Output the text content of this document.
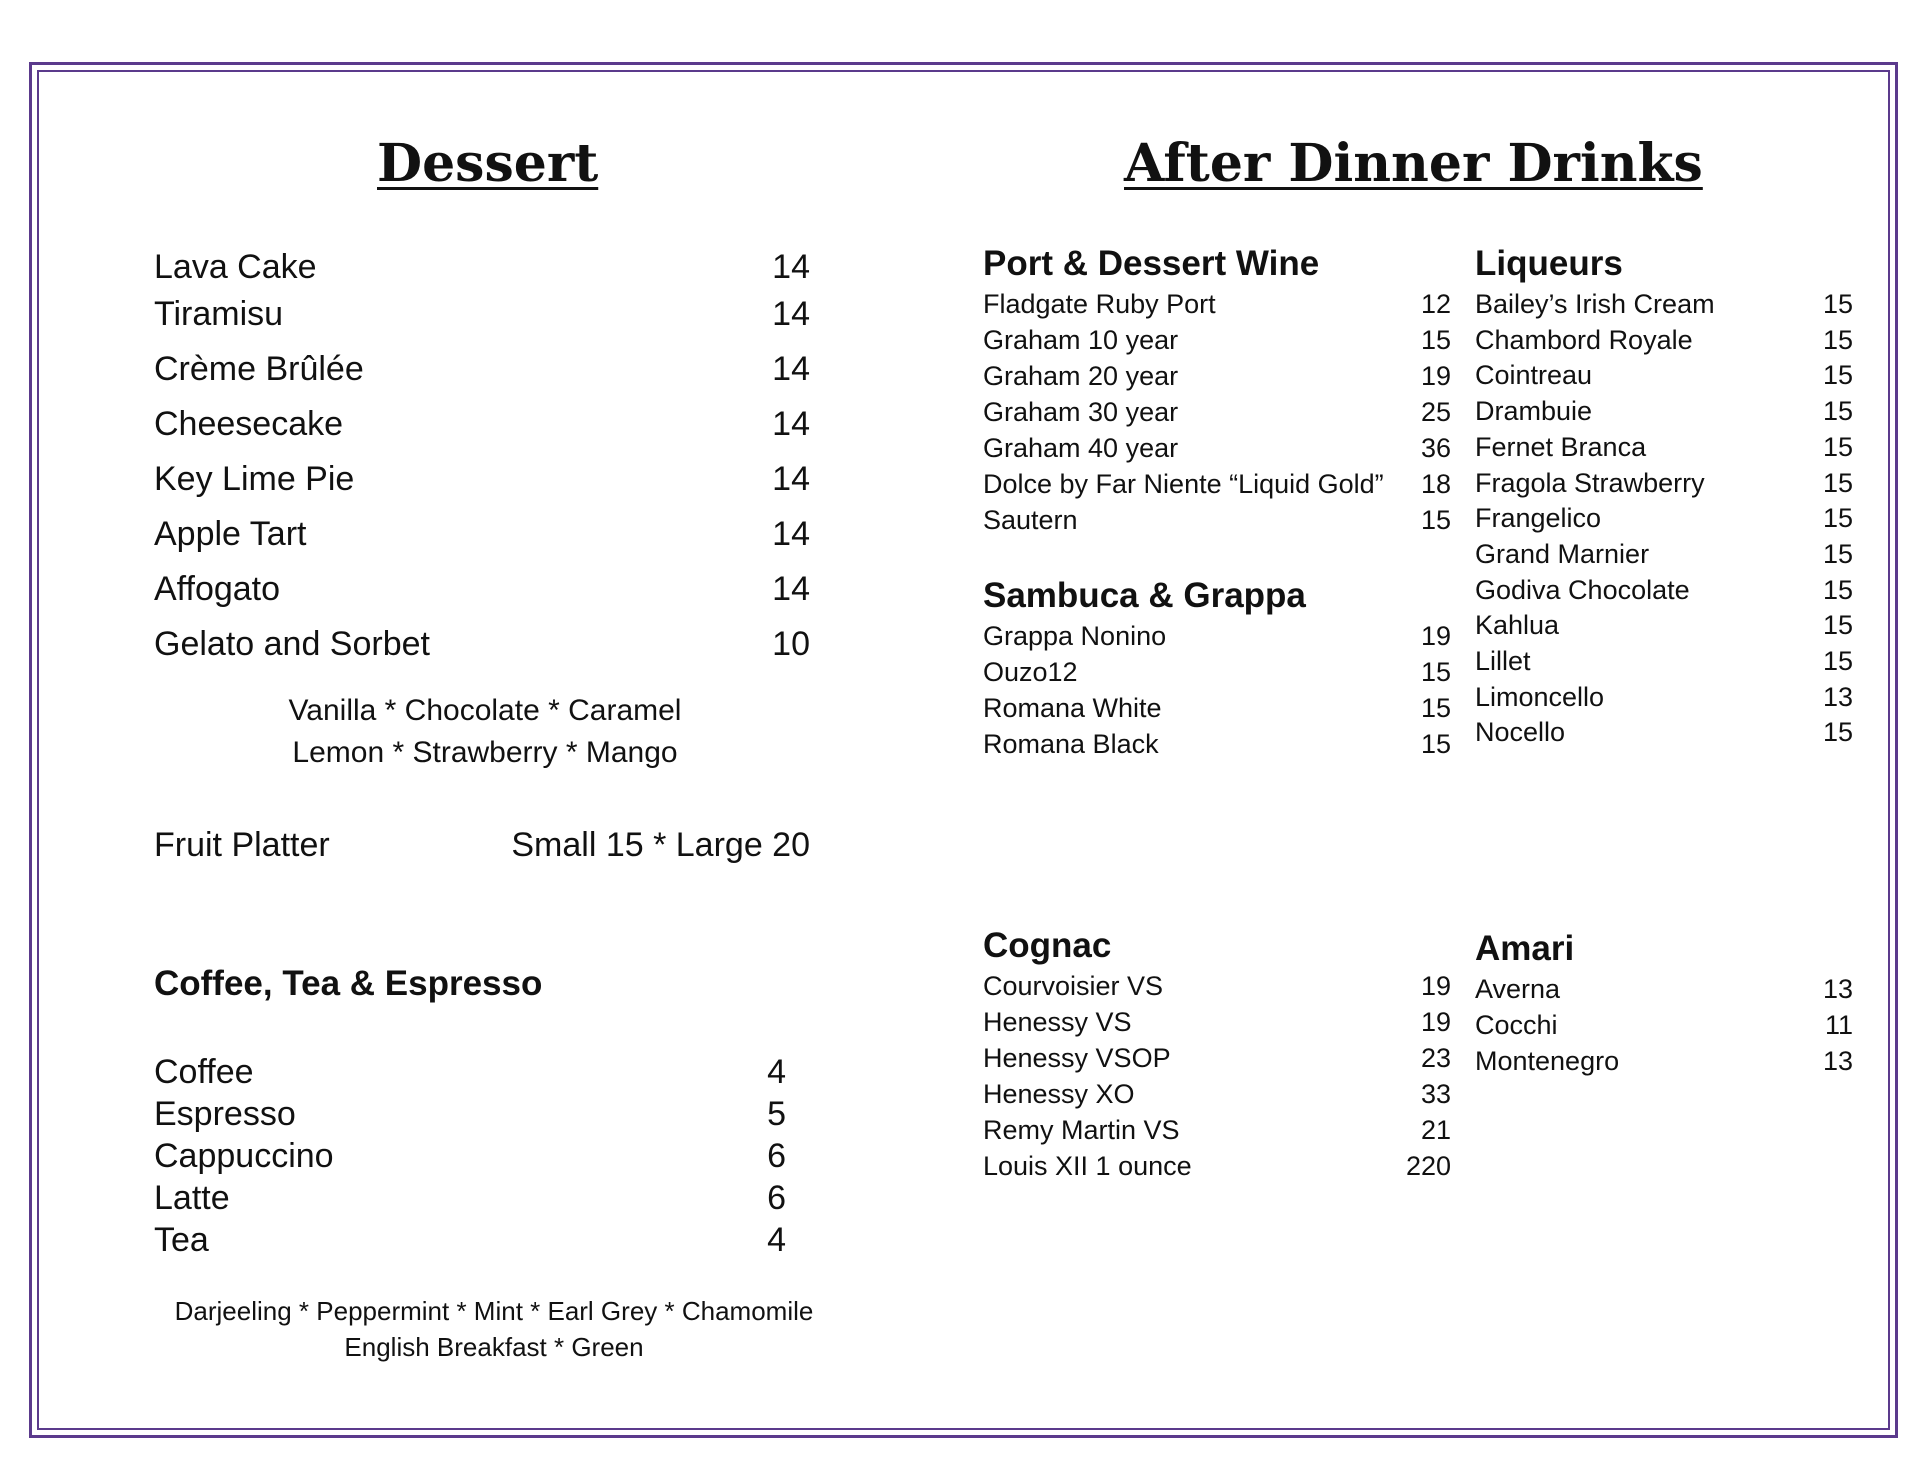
Dessert
Lava Cake	14
Tiramisu	14
Crème Brûlée	14
Cheesecake	14
Key Lime Pie	14
Apple Tart	14
Affogato	14
Gelato and Sorbet	10
Vanilla * Chocolate * Caramel
Lemon * Strawberry * Mango
Fruit Platter	Small 15 * Large 20
Coffee, Tea & Espresso
Coffee	4
Espresso	5
Cappuccino	6
Latte	6
Tea	4
Darjeeling * Peppermint * Mint * Earl Grey * Chamomile
English Breakfast * Green
After Dinner Drinks
Port & Dessert Wine
Fladgate Ruby Port	12
Graham 10 year	15
Graham 20 year	19
Graham 30 year	25
Graham 40 year	36
Dolce by Far Niente “Liquid Gold” 18
Sautern	15
Sambuca & Grappa
Grappa Nonino	19
Ouzo12	15
Romana White	15
Romana Black	15
Cognac
Courvoisier VS	19
Henessy VS	19
Henessy VSOP	23
Henessy XO	33
Remy Martin VS	21
Louis XII 1 ounce	220
Liqueurs
Bailey’s Irish Cream	15
Chambord Royale	15
Cointreau	15
Drambuie	15
Fernet Branca	15
Fragola Strawberry	15
Frangelico	15
Grand Marnier	15
Godiva Chocolate	15
Kahlua	15
Lillet	15
Limoncello	13
Nocello	15
Amari
Averna	13
Cocchi	11
Montenegro	13
